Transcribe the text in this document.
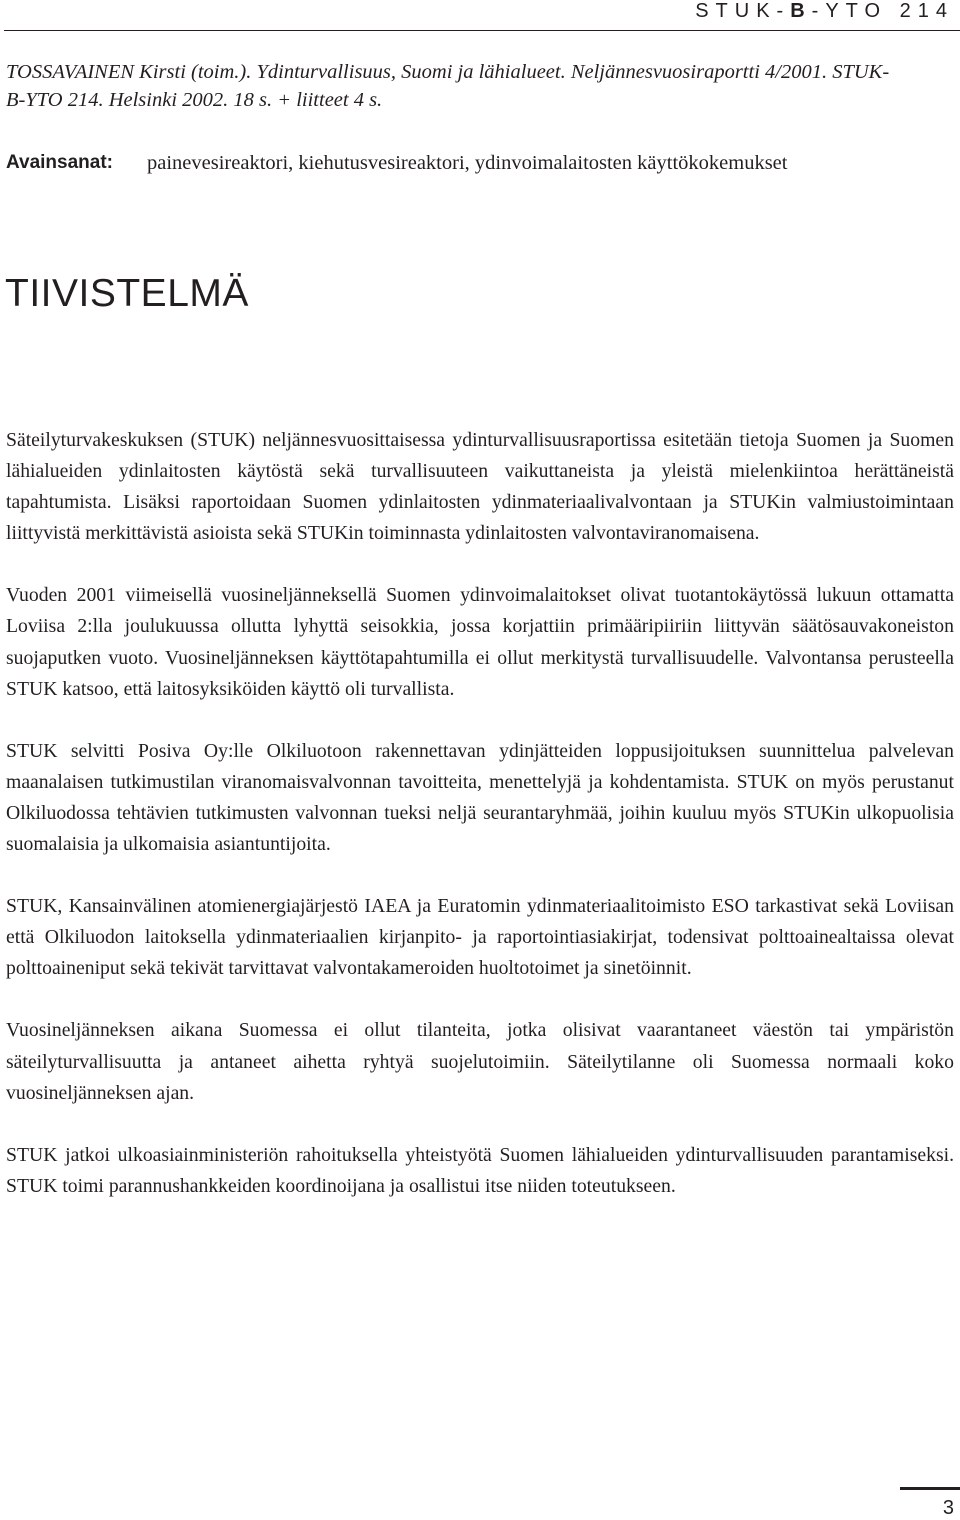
STUK-B-YTO 214
TOSSAVAINEN Kirsti (toim.). Ydinturvallisuus, Suomi ja lähialueet. Neljännesvuosiraportti 4/2001. STUK-B-YTO 214. Helsinki 2002. 18 s. + liitteet 4 s.
Avainsanat:	painevesireaktori, kiehutusvesireaktori, ydinvoimalaitosten käyttökokemukset
TIIVISTELMÄ

Säteilyturvakeskuksen (STUK) neljännesvuosittaisessa ydinturvallisuusraportissa esitetään tietoja Suomen ja Suomen lähialueiden ydinlaitosten käytöstä sekä turvallisuuteen vaikuttaneista ja yleistä mielenkiintoa herättäneistä tapahtumista. Lisäksi raportoidaan Suomen ydinlaitosten ydinmateriaalivalvontaan ja STUKin valmiustoimintaan liittyvistä merkittävistä asioista sekä STUKin toiminnasta ydinlaitosten valvontaviranomaisena.

Vuoden 2001 viimeisellä vuosineljänneksellä Suomen ydinvoimalaitokset olivat tuotantokäytössä lukuun ottamatta Loviisa 2:lla joulukuussa ollutta lyhyttä seisokkia, jossa korjattiin primääripiiriin liittyvän säätösauvakoneiston suojaputken vuoto. Vuosineljänneksen käyttötapahtumilla ei ollut merkitystä turvallisuudelle. Valvontansa perusteella STUK katsoo, että laitosyksiköiden käyttö oli turvallista.

STUK selvitti Posiva Oy:lle Olkiluotoon rakennettavan ydinjätteiden loppusijoituksen suunnittelua palvelevan maanalaisen tutkimustilan viranomaisvalvonnan tavoitteita, menettelyjä ja kohdentamista. STUK on myös perustanut Olkiluodossa tehtävien tutkimusten valvonnan tueksi neljä seurantaryhmää, joihin kuuluu myös STUKin ulkopuolisia suomalaisia ja ulkomaisia asiantuntijoita.

STUK, Kansainvälinen atomienergiajärjestö IAEA ja Euratomin ydinmateriaalitoimisto ESO tarkastivat sekä Loviisan että Olkiluodon laitoksella ydinmateriaalien kirjanpito- ja raportointiasiakirjat, todensivat polttoainealtaissa olevat polttoaineniput sekä tekivät tarvittavat valvontakameroiden huoltotoimet ja sinetöinnit.

Vuosineljänneksen aikana Suomessa ei ollut tilanteita, jotka olisivat vaarantaneet väestön tai ympäristön säteilyturvallisuutta ja antaneet aihetta ryhtyä suojelutoimiin. Säteilytilanne oli Suomessa normaali koko vuosineljänneksen ajan.

STUK jatkoi ulkoasiainministeriön rahoituksella yhteistyötä Suomen lähialueiden ydinturvallisuuden parantamiseksi. STUK toimi parannushankkeiden koordinoijana ja osallistui itse niiden toteutukseen.

3
